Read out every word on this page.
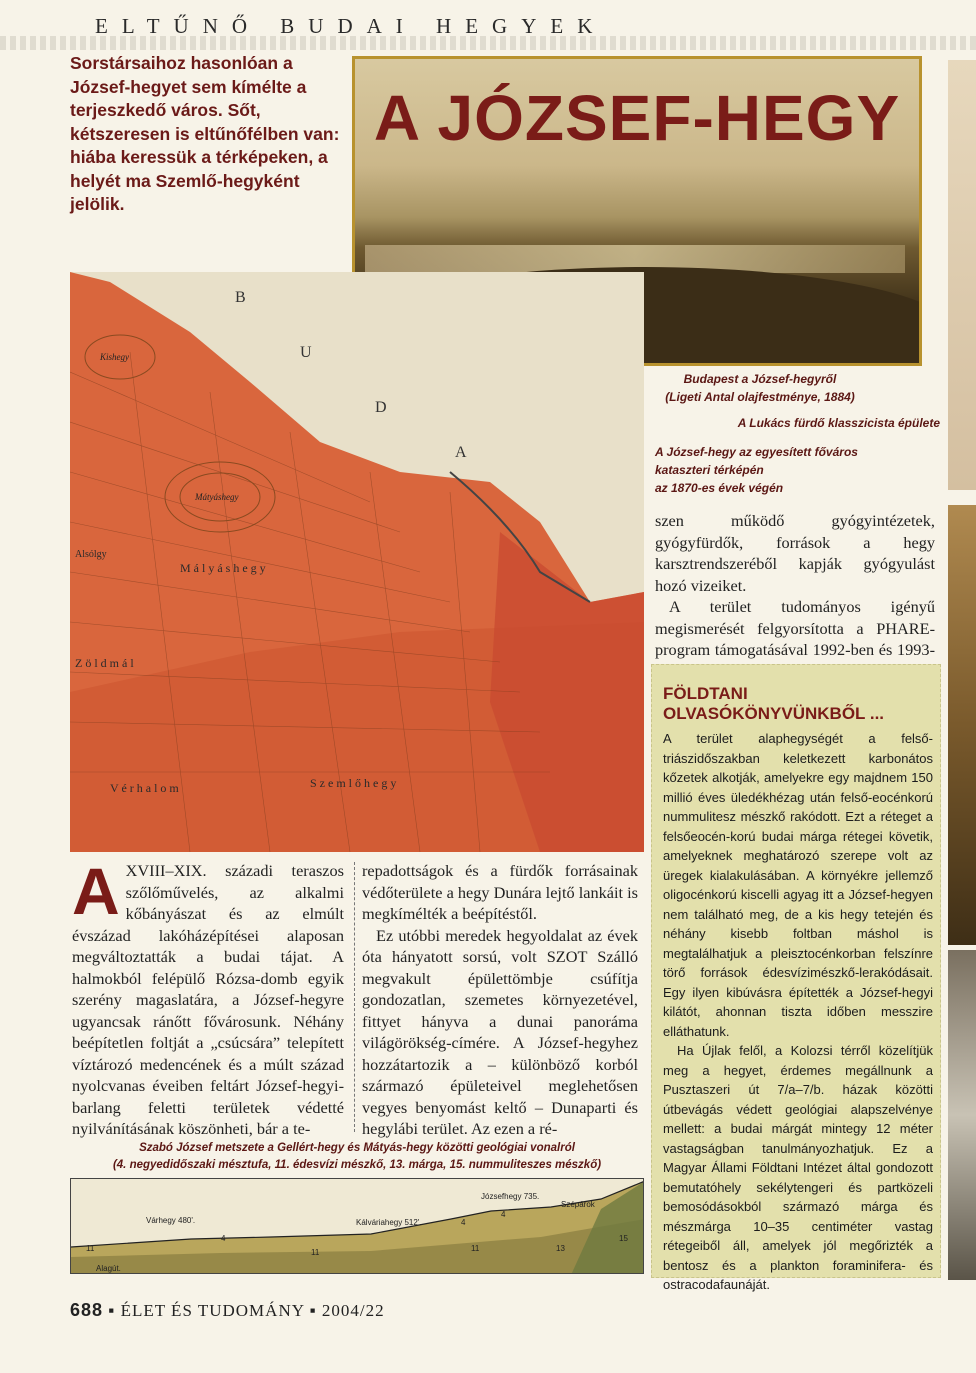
ELTŰNŐ BUDAI HEGYEK
Sorstársaihoz hasonlóan a József-hegyet sem kímélte a terjeszkedő város. Sőt, kétszeresen is eltűnőfélben van: hiába keressük a térképeken, a helyét ma Szemlő-hegyként jelölik.
A JÓZSEF-HEGY
B
U
D
A
Kishegy
Mátyáshegy
Alsólgy
M á l y á s h e g y
Z ö l d m á l
V é r h a l o m	S z e m l ő h e g y
Budapest a József-hegyről
(Ligeti Antal olajfestménye, 1884)
A Lukács fürdő klasszicista épülete
A József-hegy az egyesített főváros
kataszteri térképén
az 1870-es évek végén

szen működő gyógyintézetek, gyógyfürdők, források a hegy karsztrendszeréből kapják gyógyulást hozó vizeiket.

A terület tudományos igényű megismerését felgyorsította a PHARE-program támogatásával 1992-ben és 1993-

FÖLDTANI OLVASÓKÖNYVÜNKBŐL ...

A terület alaphegységét a felső-triászidőszakban keletkezett karbonátos kőzetek alkotják, amelyekre egy majdnem 150 millió éves üledékhézag után felső-eocénkorú nummulitesz mészkő rakódott. Ezt a réteget a felsőeocén-korú budai márga rétegei követik, amelyeknek meghatározó szerepe volt az üregek kialakulásában. A környékre jellemző oligocénkorú kiscelli agyag itt a József-hegyen nem található meg, de a kis hegy tetején és néhány kisebb foltban máshol is megtalálhatjuk a pleisztocénkorban felszínre törő források édesvízimészkő-lerakódásait. Egy ilyen kibúvásra építették a József-hegyi kilátót, ahonnan tiszta időben messzire elláthatunk.

Ha Újlak felől, a Kolozsi térről közelítjük meg a hegyet, érdemes megállnunk a Pusztaszeri út 7/a–7/b. házak közötti útbevágás védett geológiai alapszelvénye mellett: a budai márgát mintegy 12 méter vastagságban tanulmányozhatjuk. Ez a Magyar Állami Földtani Intézet által gondozott bemutatóhely sekélytengeri és partközeli bemosódásokból származó márga és mészmárga 10–35 centiméter vastag rétegeiből áll, amelyek jól megőrizték a bentosz és a plankton foraminifera- és ostracodafaunáját.

A XVIII–XIX. századi teraszos szőlőművelés, az alkalmi kőbányászat és az elmúlt évszázad lakóházépítései alaposan megváltoztatták a budai tájat. A halmokból felépülő Rózsa-domb egyik szerény magaslatára, a József-hegyre ugyancsak ránőtt fővárosunk. Néhány beépítetlen foltját a „csúcsára” telepített víztározó medencének és a múlt század nyolcvanas éveiben feltárt József-hegyi-barlang feletti területek védetté nyilvánításának köszönheti, bár a te-

repadottságok és a fürdők forrásainak védőterülete a hegy Dunára lejtő lankáit is megkímélték a beépítéstől.

Ez utóbbi meredek hegyoldalat az évek óta hányatott sorsú, volt SZOT Szálló megvakult épülettömbje csúfítja gondozatlan, szemetes környezetével, fittyet hányva a dunai panoráma világörökség-címére. A József-hegyhez hozzátartozik a – különböző korból származó épületeivel meglehetősen vegyes benyomást keltő – Dunaparti és hegylábi terület. Az ezen a ré-

Szabó József metszete a Gellért-hegy és Mátyás-hegy közötti geológiai vonalról
(4. negyedidőszaki mésztufa, 11. édesvízi mészkő, 13. márga, 15. nummuliteszes mészkő)
Várhegy 480'.	Kálváriahegy 512'.
Józsefhegy 735.
Szépárok
Alagút.
11
4
11
4
4
11	13
15
688 ▪ ÉLET ÉS TUDOMÁNY ▪ 2004/22
